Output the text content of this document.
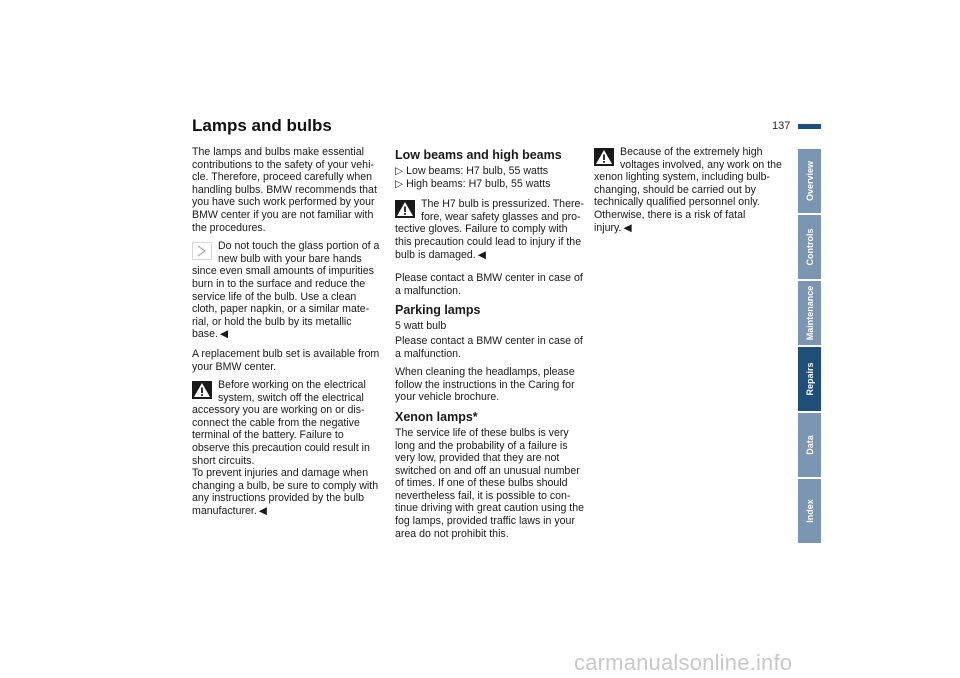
Lamps and bulbs	137

The lamps and bulbs make essential contributions to the safety of your vehi-cle. Therefore, proceed carefully when handling bulbs. BMW recommends that you have such work performed by your BMW center if you are not familiar with the procedures.

Do not touch the glass portion of a new bulb with your bare hands since even small amounts of impurities burn in to the surface and reduce the service life of the bulb. Use a clean cloth, paper napkin, or a similar mate-rial, or hold the bulb by its metallic base. ◀

A replacement bulb set is available from your BMW center.

Before working on the electrical system, switch off the electrical accessory you are working on or dis-connect the cable from the negative terminal of the battery. Failure to observe this precaution could result in short circuits.
To prevent injuries and damage when changing a bulb, be sure to comply with any instructions provided by the bulb manufacturer. ◀
Low beams and high beams
▷ Low beams: H7 bulb, 55 watts
▷ High beams: H7 bulb, 55 watts
The H7 bulb is pressurized. There-fore, wear safety glasses and pro-tective gloves. Failure to comply with this precaution could lead to injury if the bulb is damaged. ◀

Please contact a BMW center in case of a malfunction.

Parking lamps

5 watt bulb

Please contact a BMW center in case of a malfunction.

When cleaning the headlamps, please follow the instructions in the Caring for your vehicle brochure.

Xenon lamps*

The service life of these bulbs is very long and the probability of a failure is very low, provided that they are not switched on and off an unusual number of times. If one of these bulbs should nevertheless fail, it is possible to con-tinue driving with great caution using the fog lamps, provided traffic laws in your area do not prohibit this.

Because of the extremely high voltages involved, any work on the xenon lighting system, including bulb-changing, should be carried out by technically qualified personnel only. Otherwise, there is a risk of fatal injury. ◀
Overview
Controls
Maintenance
Repairs
Data
Index
carmanualsonline.info
